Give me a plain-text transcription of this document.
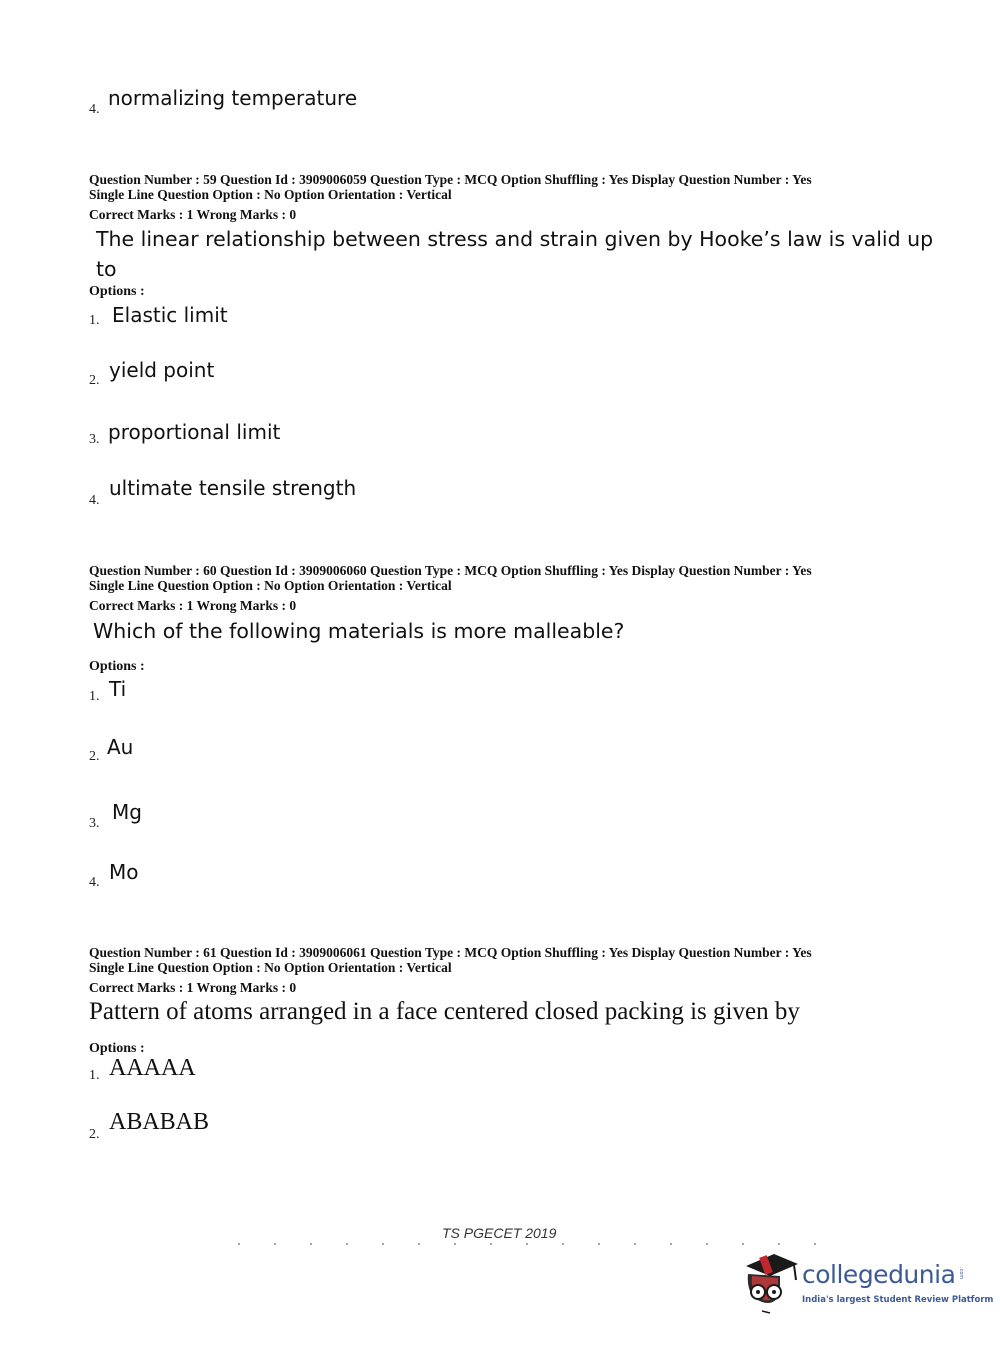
4. normalizing temperature
Question Number : 59 Question Id : 3909006059 Question Type : MCQ Option Shuffling : Yes Display Question Number : Yes
Single Line Question Option : No Option Orientation : Vertical
Correct Marks : 1 Wrong Marks : 0
The linear relationship between stress and strain given by Hooke’s law is valid up
to
Options :
1. Elastic limit
2. yield point
3. proportional limit
4.
ultimate tensile strength
Question Number : 60 Question Id : 3909006060 Question Type : MCQ Option Shuffling : Yes Display Question Number : Yes
Single Line Question Option : No Option Orientation : Vertical
Correct Marks : 1 Wrong Marks : 0
Which of the following materials is more malleable?
Options :
1. Ti
2. Au
3. Mg
4. Mo
Question Number : 61 Question Id : 3909006061 Question Type : MCQ Option Shuffling : Yes Display Question Number : Yes
Single Line Question Option : No Option Orientation : Vertical
Correct Marks : 1 Wrong Marks : 0
Pattern of atoms arranged in a face centered closed packing is given by
Options :
1. AAAAA
2. ABABAB
TS PGECET 2019
collegedunia .com
India's largest Student Review Platform
